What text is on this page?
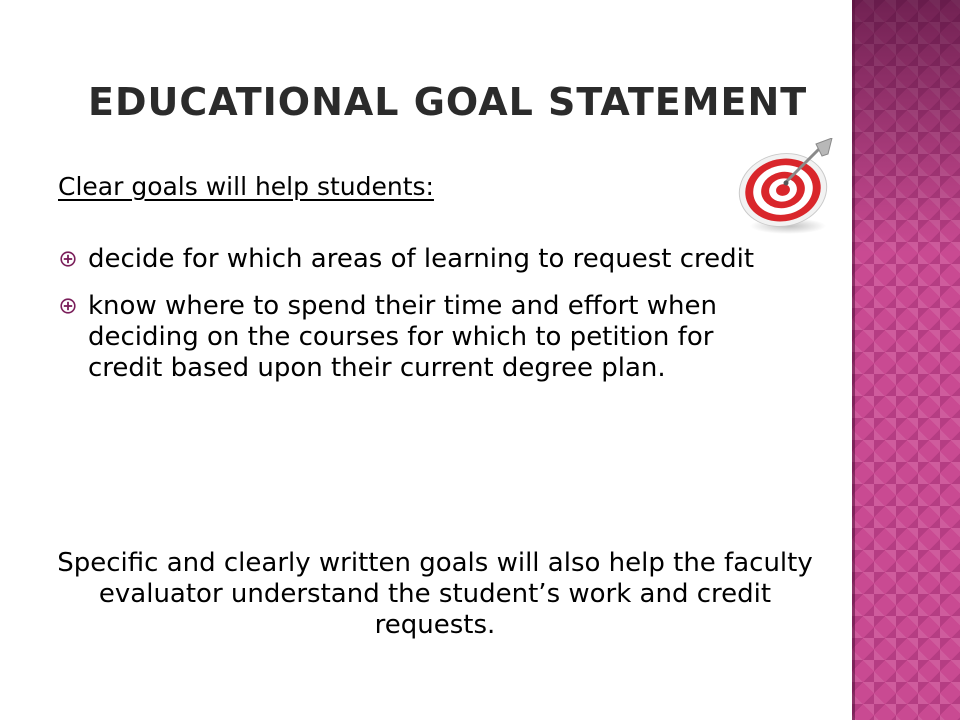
EDUCATIONAL GOAL STATEMENT
Clear goals will help students:
decide for which areas of learning to request credit
know where to spend their time and effort when deciding on the courses for which to petition for credit based upon their current degree plan.
Specific and clearly written goals will also help the faculty evaluator understand the student’s work and credit requests.
